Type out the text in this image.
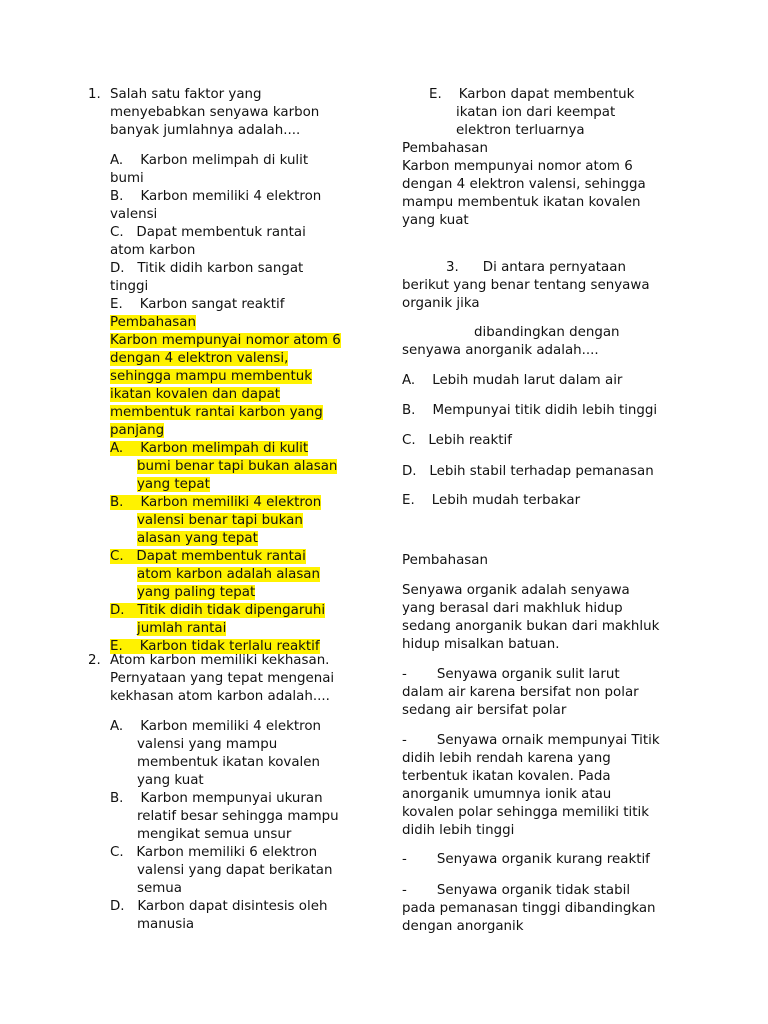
1. Salah satu faktor yang

menyebabkan senyawa karbon

banyak jumlahnya adalah....

A. Karbon melimpah di kulit

bumi

B. Karbon memiliki 4 elektron

valensi

C. Dapat membentuk rantai

atom karbon

D. Titik didih karbon sangat

tinggi

E. Karbon sangat reaktif

Pembahasan

Karbon mempunyai nomor atom 6

dengan 4 elektron valensi,

sehingga mampu membentuk

ikatan kovalen dan dapat

membentuk rantai karbon yang

panjang

A. Karbon melimpah di kulit

bumi benar tapi bukan alasan

yang tepat

B. Karbon memiliki 4 elektron

valensi benar tapi bukan

alasan yang tepat

C. Dapat membentuk rantai

atom karbon adalah alasan

yang paling tepat

D. Titik didih tidak dipengaruhi

jumlah rantai

E. Karbon tidak terlalu reaktif

2. Atom karbon memiliki kekhasan.

Pernyataan yang tepat mengenai

kekhasan atom karbon adalah....

A. Karbon memiliki 4 elektron

valensi yang mampu

membentuk ikatan kovalen

yang kuat

B. Karbon mempunyai ukuran

relatif besar sehingga mampu

mengikat semua unsur

C. Karbon memiliki 6 elektron

valensi yang dapat berikatan

semua

D. Karbon dapat disintesis oleh

manusia

E. Karbon dapat membentuk

ikatan ion dari keempat

elektron terluarnya

Pembahasan

Karbon mempunyai nomor atom 6

dengan 4 elektron valensi, sehingga

mampu membentuk ikatan kovalen

yang kuat

3. Di antara pernyataan

berikut yang benar tentang senyawa

organik jika

dibandingkan dengan

senyawa anorganik adalah....

A. Lebih mudah larut dalam air

B. Mempunyai titik didih lebih tinggi

C. Lebih reaktif

D. Lebih stabil terhadap pemanasan

E. Lebih mudah terbakar

Pembahasan

Senyawa organik adalah senyawa

yang berasal dari makhluk hidup

sedang anorganik bukan dari makhluk

hidup misalkan batuan.

- Senyawa organik sulit larut

dalam air karena bersifat non polar

sedang air bersifat polar

- Senyawa ornaik mempunyai Titik

didih lebih rendah karena yang

terbentuk ikatan kovalen. Pada

anorganik umumnya ionik atau

kovalen polar sehingga memiliki titik

didih lebih tinggi

- Senyawa organik kurang reaktif

- Senyawa organik tidak stabil

pada pemanasan tinggi dibandingkan

dengan anorganik
